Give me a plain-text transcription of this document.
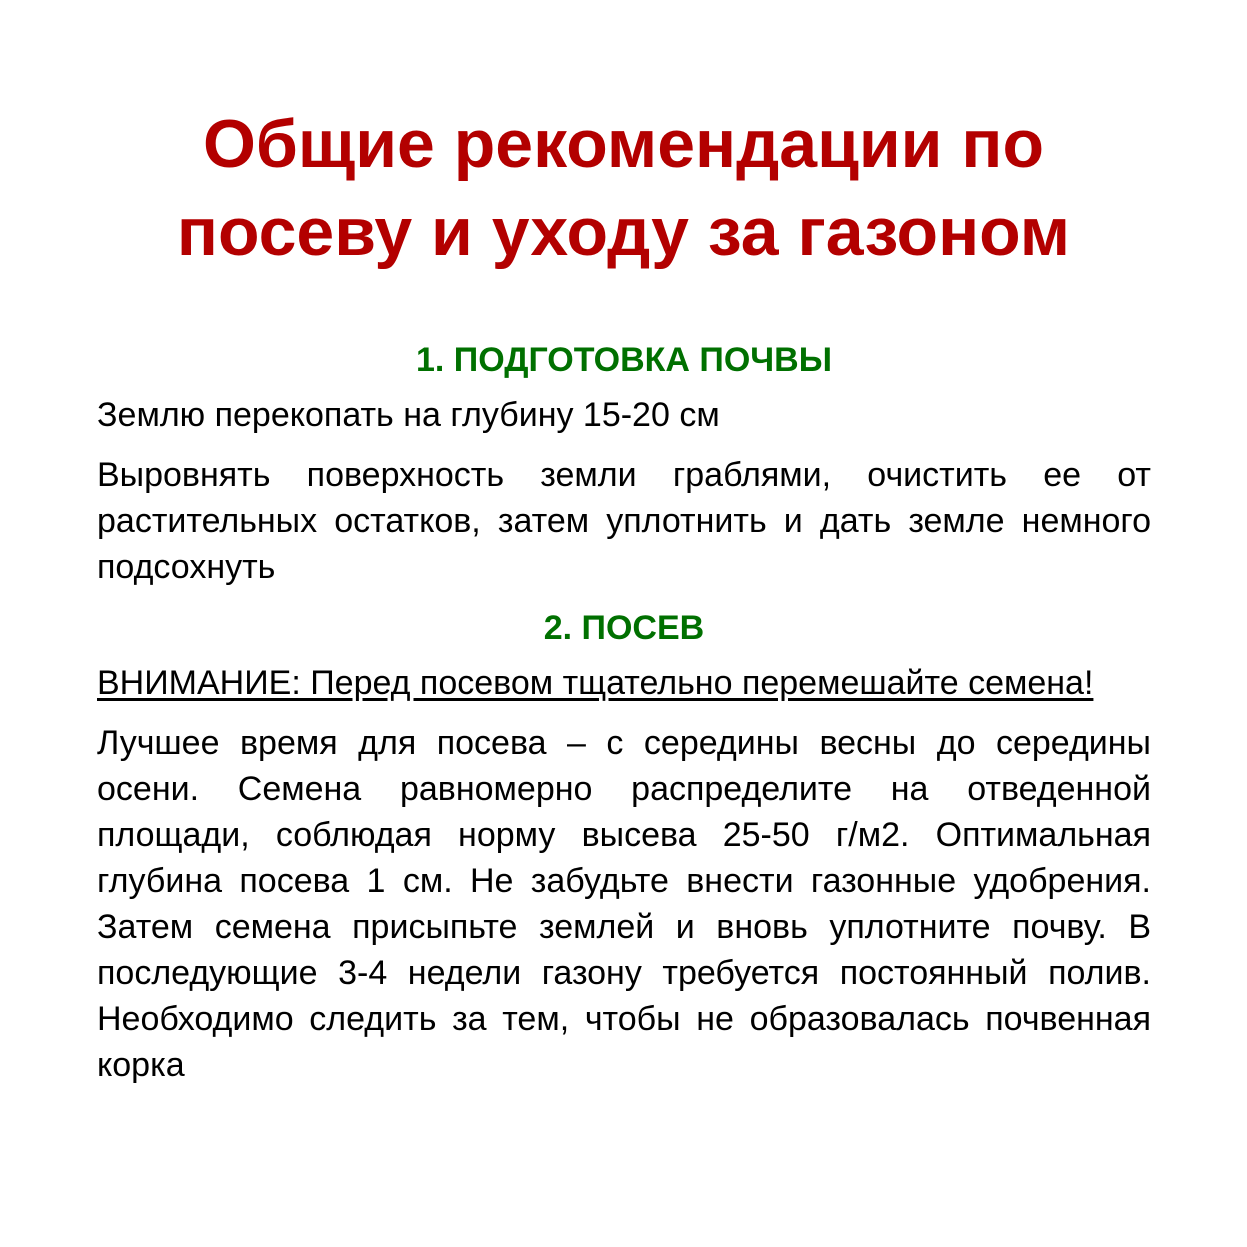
Общие рекомендации по
посеву и уходу за газоном
1. ПОДГОТОВКА ПОЧВЫ

Землю перекопать на глубину 15-20 см

Выровнять поверхность земли граблями, очистить ее от растительных остатков, затем уплотнить и дать земле немного подсохнуть

2. ПОСЕВ

ВНИМАНИЕ: Перед посевом тщательно перемешайте семена!

Лучшее время для посева – с середины весны до середины осени. Семена равномерно распределите на отведенной площади, соблюдая норму высева 25-50 г/м2. Оптимальная глубина посева 1 см. Не забудьте внести газонные удобрения. Затем семена присыпьте землей и вновь уплотните почву. В последующие 3-4 недели газону требуется постоянный полив. Необходимо следить за тем, чтобы не образовалась почвенная корка
